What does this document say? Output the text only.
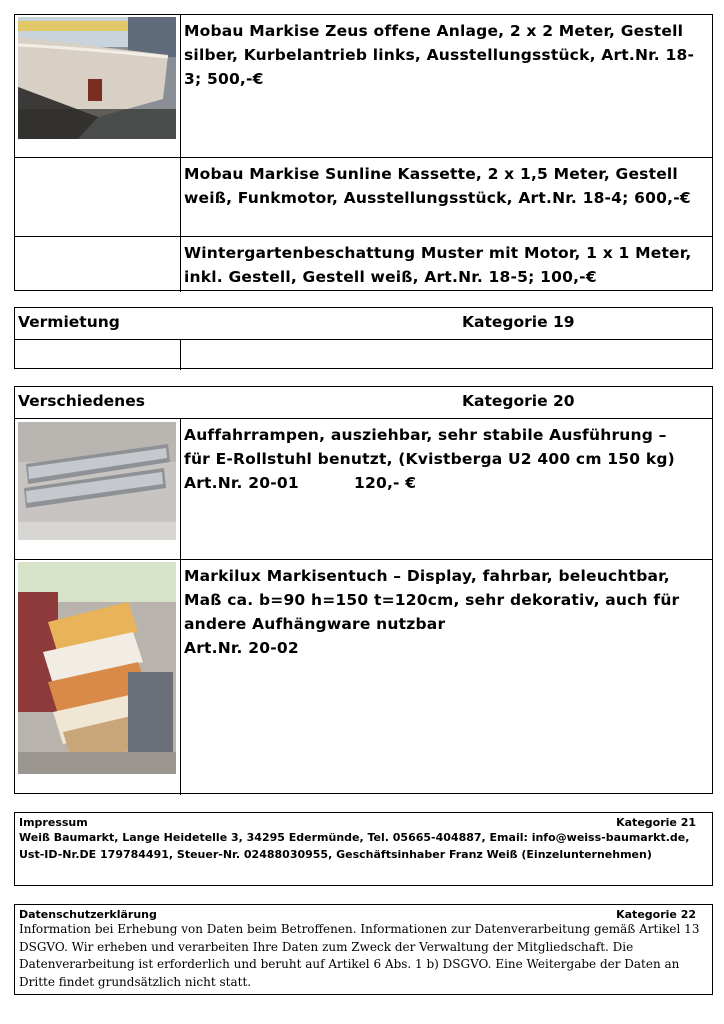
Mobau Markise Zeus offene Anlage, 2 x 2 Meter, Gestell silber, Kurbelantrieb links, Ausstellungsstück, Art.Nr. 18-3; 500,-€
Mobau Markise Sunline Kassette, 2 x 1,5 Meter, Gestell weiß, Funkmotor, Ausstellungsstück, Art.Nr. 18-4; 600,-€
Wintergartenbeschattung Muster mit Motor, 1 x 1 Meter, inkl. Gestell, Gestell weiß, Art.Nr. 18-5; 100,-€
Vermietung	Kategorie 19
Verschiedenes	Kategorie 20
Auffahrrampen, ausziehbar, sehr stabile Ausführung –
für E-Rollstuhl benutzt, (Kvistberga U2 400 cm 150 kg)
Art.Nr. 20-01	120,- €
Markilux Markisentuch – Display, fahrbar, beleuchtbar, Maß ca. b=90 h=150 t=120cm, sehr dekorativ, auch für andere Aufhängware nutzbar
Art.Nr. 20-02
Impressum	Kategorie 21
Weiß Baumarkt, Lange Heidetelle 3, 34295 Edermünde, Tel. 05665-404887, Email: info@weiss-baumarkt.de, Ust-ID-Nr.DE 179784491, Steuer-Nr. 02488030955, Geschäftsinhaber Franz Weiß (Einzelunternehmen)
Datenschutzerklärung	Kategorie 22
Information bei Erhebung von Daten beim Betroffenen. Informationen zur Datenverarbeitung gemäß Artikel 13 DSGVO. Wir erheben und verarbeiten Ihre Daten zum Zweck der Verwaltung der Mitgliedschaft. Die Datenverarbeitung ist erforderlich und beruht auf Artikel 6 Abs. 1 b) DSGVO. Eine Weitergabe der Daten an Dritte findet grundsätzlich nicht statt.
